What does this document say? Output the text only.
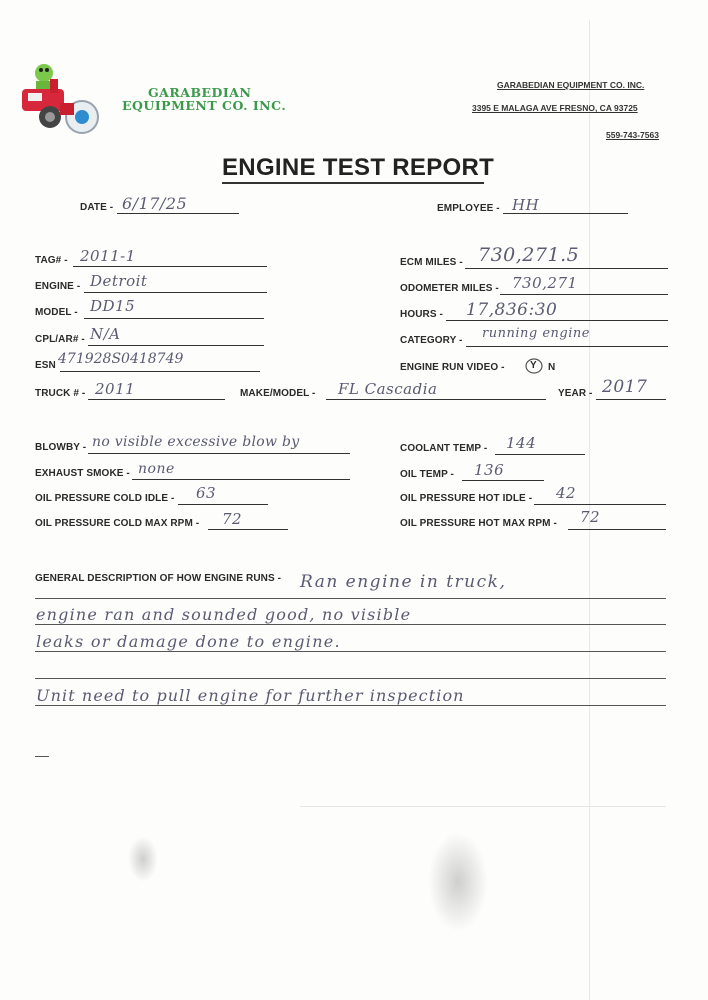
GARABEDIAN
EQUIPMENT CO. INC.
GARABEDIAN EQUIPMENT CO. INC.
3395 E MALAGA AVE FRESNO, CA 93725
559-743-7563
ENGINE TEST REPORT
DATE - 6/17/25	EMPLOYEE - HH
TAG# - 2011-1
ENGINE - Detroit
MODEL - DD15
CPL/AR# - N/A
ESN 471928S0418749
ECM MILES - 730,271.5
ODOMETER MILES - 730,271
HOURS - 17,836:30
CATEGORY - running engine
ENGINE RUN VIDEO -	Y N
TRUCK # - 2011	MAKE/MODEL - FL Cascadia	YEAR - 2017
BLOWBY - no visible excessive blow by	COOLANT TEMP - 144
EXHAUST SMOKE - none	OIL TEMP - 136
OIL PRESSURE COLD IDLE - 63	OIL PRESSURE HOT IDLE - 42
OIL PRESSURE COLD MAX RPM - 72	OIL PRESSURE HOT MAX RPM - 72
GENERAL DESCRIPTION OF HOW ENGINE RUNS - Ran engine in truck,
engine ran and sounded good, no visible
leaks or damage done to engine.
Unit need to pull engine for further inspection
